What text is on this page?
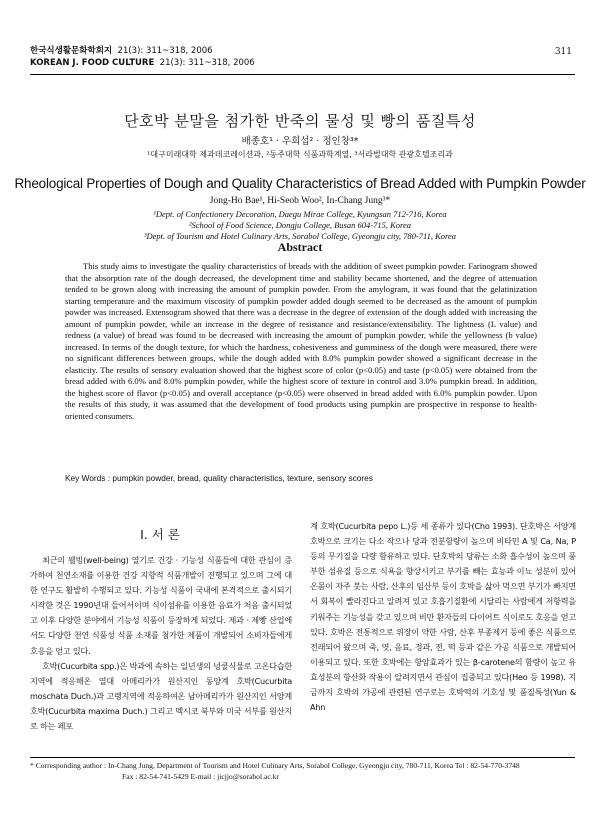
한국식생활문화학회지 21(3): 311~318, 2006
KOREAN J. FOOD CULTURE 21(3): 311~318, 2006
311
단호박 분말을 첨가한 반죽의 물성 및 빵의 품질특성
배종호¹ · 우희섭² · 정인창³*
¹대구미래대학 제과데코레이션과, ²동주대학 식품과학계열, ³서라벌대학 관광호텔조리과
Rheological Properties of Dough and Quality Characteristics of Bread Added with Pumpkin Powder
Jong-Ho Bae¹, Hi-Seob Woo², In-Chang Jung³*
¹Dept. of Confectionery Decoration, Daegu Mirae College, Kyungsan 712-716, Korea
²School of Food Science, Dongju College, Busan 604-715, Korea
³Dept. of Tourism and Hotel Culinary Arts, Sorabol College, Gyeongju city, 780-711, Korea
Abstract
This study aims to investigate the quality characteristics of breads with the addition of sweet pumpkin powder. Farinogram showed that the absorption rate of the dough decreased, the development time and stability became shortened, and the degree of attenuation tended to be grown along with increasing the amount of pumpkin powder. From the amylogram, it was found that the gelatinization starting temperature and the maximum viscosity of pumpkin powder added dough seemed to be decreased as the amount of pumpkin powder was increased. Extensogram showed that there was a decrease in the degree of extension of the dough added with increasing the amount of pumpkin powder, while an increase in the degree of resistance and resistance/extensibility. The lightness (L value) and redness (a value) of bread was found to be decreased with increasing the amount of pumpkin powder, while the yellowness (b value) increased. In terms of the dough texture, for which the hardness, cohesiveness and gumminess of the dough were measured, there were no significant differences between groups, while the dough added with 8.0% pumpkin powder showed a significant decrease in the elasticity. The results of sensory evaluation showed that the highest score of color (p<0.05) and taste (p<0.05) were obtained from the bread added with 6.0% and 8.0% pumpkin powder, while the highest score of texture in control and 3.0% pumpkin bread. In addition, the highest score of flavor (p<0.05) and overall acceptance (p<0.05) were observed in bread added with 6.0% pumpkin powder. Upon the results of this study, it was assumed that the development of food products using pumpkin are prospective in response to health-oriented consumers.
Key Words : pumpkin powder, bread, quality characteristics, texture, sensory scores
Ⅰ. 서 론

최근의 웰빙(well-being) 열기로 건강 · 기능성 식품들에 대한 관심이 증가하여 천연소재를 이용한 건강 지향적 식품개발이 진행되고 있으며 그에 대한 연구도 활발히 수행되고 있다. 기능성 식품이 국내에 본격적으로 출시되기 시작한 것은 1990년대 들어서이며 식이섬유를 이용한 음료가 처음 출시되었고 이후 다양한 분야에서 기능성 식품이 등장하게 되었다. 제과 · 제빵 산업에서도 다양한 천연 식품성 식품 소재를 첨가한 제품이 개발되어 소비자들에게 호응을 얻고 있다.

호박(Cucurbita spp.)은 박과에 속하는 일년생의 넝쿨식물로 고온다습한 지역에 적응해온 열대 아메리카가 원산지인 동양계 호박(Cucurbita moschata Duch.)과 고랭지역에 적응하여온 남아메리카가 원산지인 서양계 호박(Cucurbita maxima Duch.) 그리고 멕시코 북부와 미국 서부를 원산지로 하는 페포

계 호박(Cucurbita pepo L.)등 세 종류가 있다(Cho 1993). 단호박은 서양계 호박으로 크기는 다소 작으나 당과 전분함량이 높으며 비타민 A 및 Ca, Na, P 등의 무기질을 다량 함유하고 있다. 단호박의 당류는 소화 흡수성이 높으며 풍부한 섬유질 등으로 식욕을 향상시키고 부기를 빼는 효능과 이뇨 성분이 있어 온몸이 자주 붓는 사람, 산후의 임산부 등이 호박을 삶아 먹으면 부기가 빠지면서 회복이 빨라진다고 알려져 있고 호흡기질환에 시달리는 사람에게 저항력을 키워주는 기능성을 갖고 있으며 비만 환자들의 다이어트 식이로도 호응을 얻고 있다. 호박은 전통적으로 위장이 약한 사람, 산후 부종제거 등에 좋은 식품으로 전래되어 왔으며 죽, 엿, 음료, 정과, 전, 떡 등과 같은 가공 식품으로 개발되어 이용되고 있다. 또한 호박에는 항암효과가 있는 β-carotene의 함량이 높고 유효성분의 항산화 작용이 알려지면서 관심이 집중되고 있다(Heo 등 1998). 지금까지 호박의 가공에 관련된 연구로는 호박떡의 기호성 및 품질특성(Yun & Ahn

* Corresponding author : In-Chang Jung, Department of Tourism and Hotel Culinary Arts, Sorabol College, Gyeongju city, 780-711, Korea Tel : 82-54-770-3748
Fax : 82-54-741-5429 E-mail : jicjjo@sorabol.ac.kr
